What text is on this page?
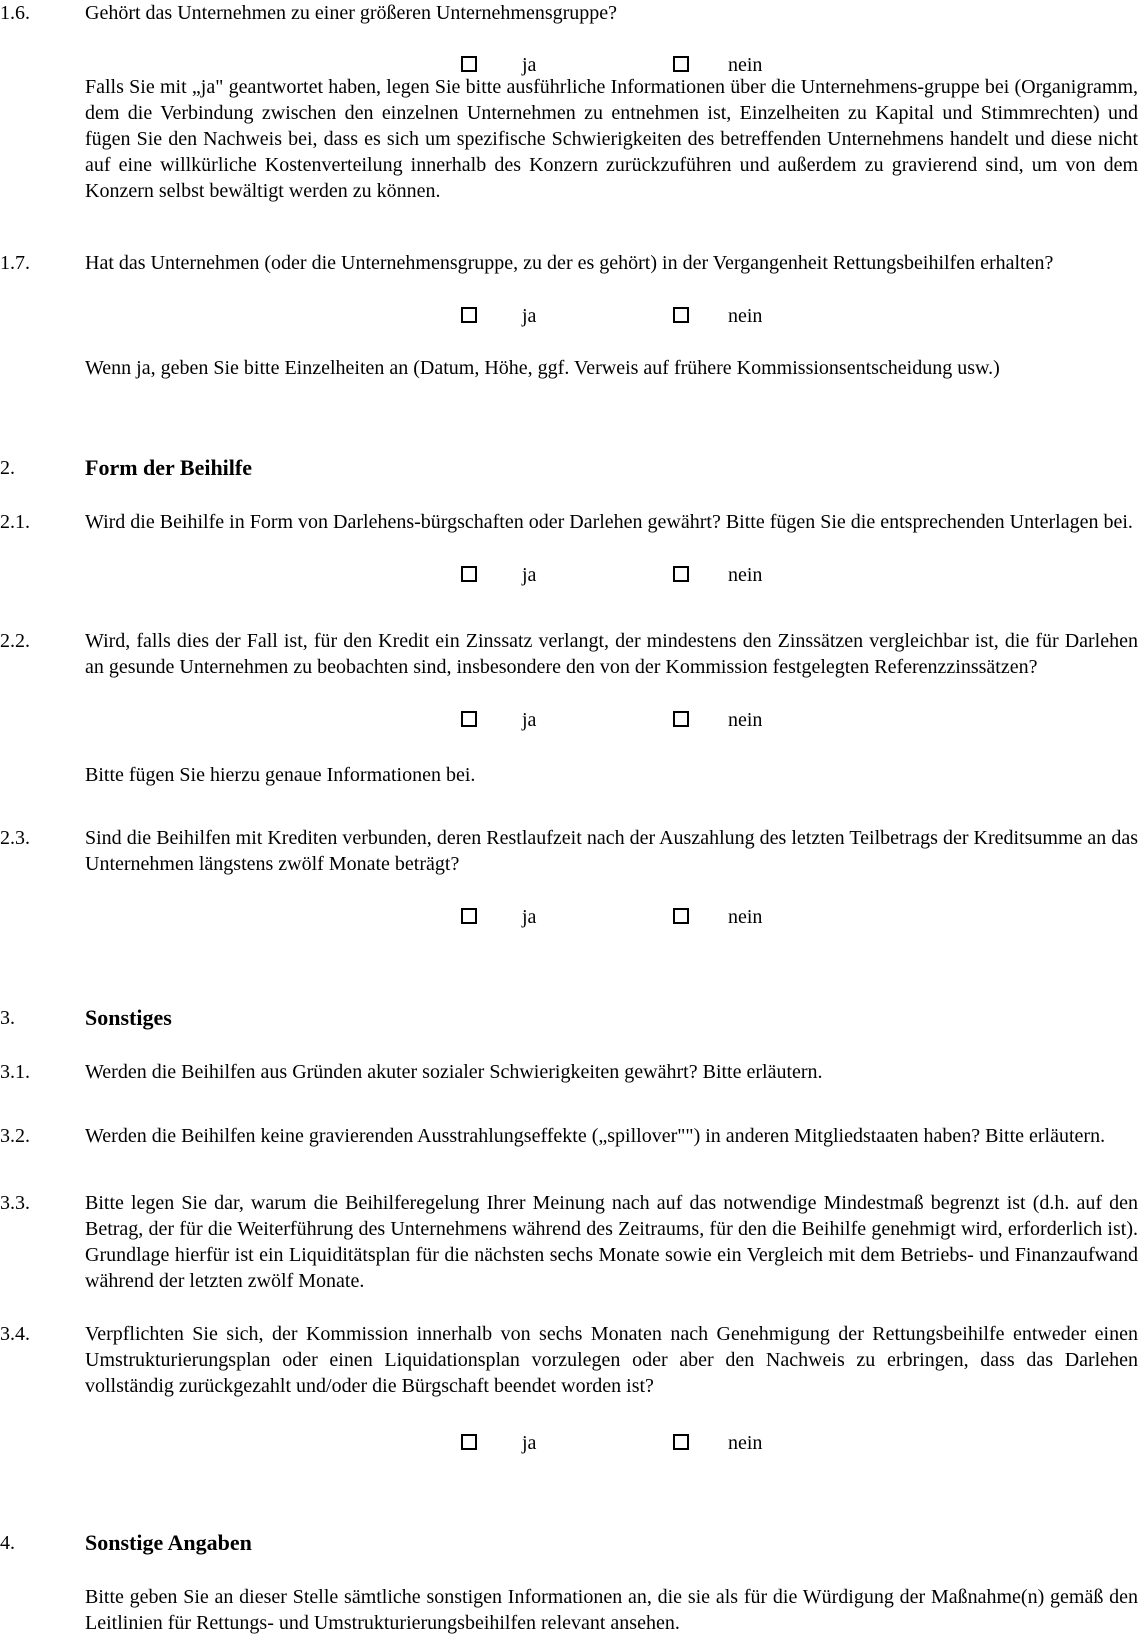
1.6.	Gehört das Unternehmen zu einer größeren Unternehmensgruppe?
ja	nein
Falls Sie mit „ja" geantwortet haben, legen Sie bitte ausführliche Informationen über die Unternehmens-gruppe bei (Organigramm, dem die Verbindung zwischen den einzelnen Unternehmen zu entnehmen ist, Einzelheiten zu Kapital und Stimmrechten) und fügen Sie den Nachweis bei, dass es sich um spezifische Schwierigkeiten des betreffenden Unternehmens handelt und diese nicht auf eine willkürliche Kostenverteilung innerhalb des Konzern zurückzuführen und außerdem zu gravierend sind, um von dem Konzern selbst bewältigt werden zu können.
1.7.	Hat das Unternehmen (oder die Unternehmensgruppe, zu der es gehört) in der Vergangenheit Rettungsbeihilfen erhalten?
ja	nein
Wenn ja, geben Sie bitte Einzelheiten an (Datum, Höhe, ggf. Verweis auf frühere Kommissionsentscheidung usw.)
2.	Form der Beihilfe
2.1.	Wird die Beihilfe in Form von Darlehens-bürgschaften oder Darlehen gewährt? Bitte fügen Sie die entsprechenden Unterlagen bei.
ja	nein
2.2.	Wird, falls dies der Fall ist, für den Kredit ein Zinssatz verlangt, der mindestens den Zinssätzen vergleichbar ist, die für Darlehen an gesunde Unternehmen zu beobachten sind, insbesondere den von der Kommission festgelegten Referenzzinssätzen?
ja	nein
Bitte fügen Sie hierzu genaue Informationen bei.
2.3.	Sind die Beihilfen mit Krediten verbunden, deren Restlaufzeit nach der Auszahlung des letzten Teilbetrags der Kreditsumme an das Unternehmen längstens zwölf Monate beträgt?
ja	nein
3.	Sonstiges
3.1.	Werden die Beihilfen aus Gründen akuter sozialer Schwierigkeiten gewährt? Bitte erläutern.
3.2.	Werden die Beihilfen keine gravierenden Ausstrahlungseffekte („spillover"") in anderen Mitgliedstaaten haben? Bitte erläutern.
3.3.	Bitte legen Sie dar, warum die Beihilferegelung Ihrer Meinung nach auf das notwendige Mindestmaß begrenzt ist (d.h. auf den Betrag, der für die Weiterführung des Unternehmens während des Zeitraums, für den die Beihilfe genehmigt wird, erforderlich ist). Grundlage hierfür ist ein Liquiditätsplan für die nächsten sechs Monate sowie ein Vergleich mit dem Betriebs- und Finanzaufwand während der letzten zwölf Monate.
3.4.	Verpflichten Sie sich, der Kommission innerhalb von sechs Monaten nach Genehmigung der Rettungsbeihilfe entweder einen Umstrukturierungsplan oder einen Liquidationsplan vorzulegen oder aber den Nachweis zu erbringen, dass das Darlehen vollständig zurückgezahlt und/oder die Bürgschaft beendet worden ist?
ja	nein
4.	Sonstige Angaben
Bitte geben Sie an dieser Stelle sämtliche sonstigen Informationen an, die sie als für die Würdigung der Maßnahme(n) gemäß den Leitlinien für Rettungs- und Umstrukturierungsbeihilfen relevant ansehen.
